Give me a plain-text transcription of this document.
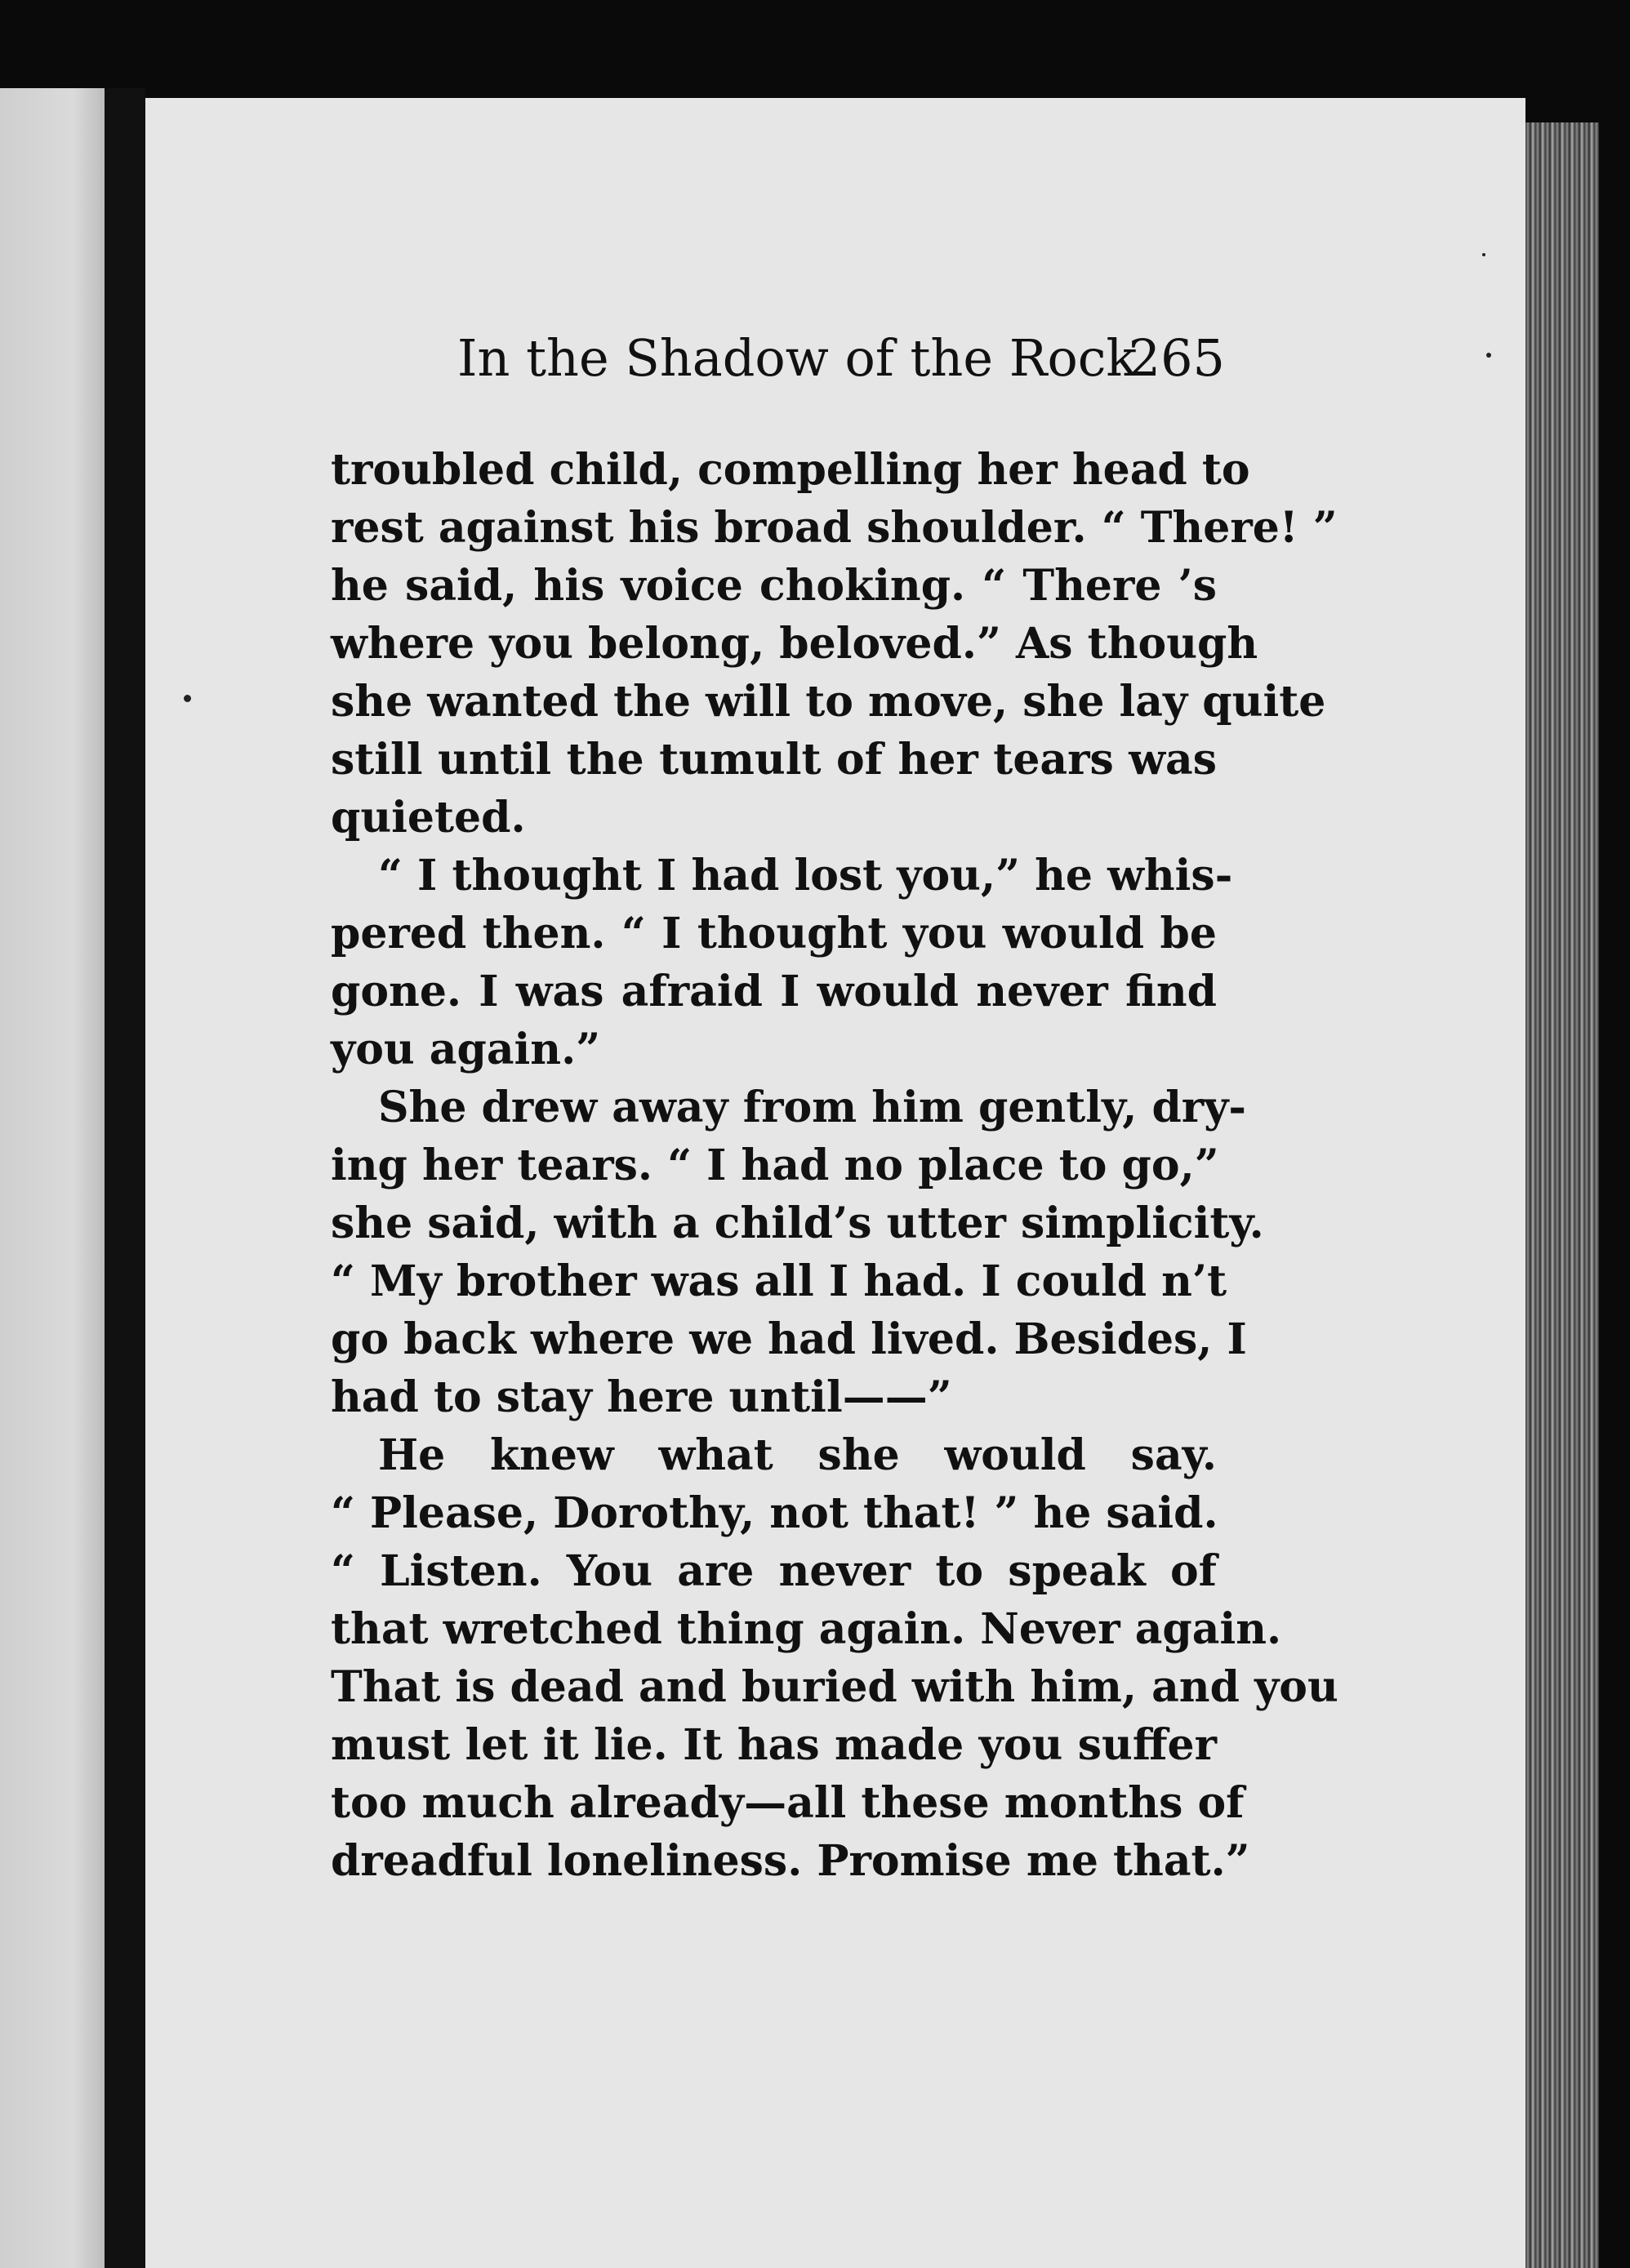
In the Shadow of the Rock
265
troubled child, compelling her head to
rest against his broad shoulder. “ There! ”
he said, his voice choking. “ There ’s
where you belong, beloved.” As though
she wanted the will to move, she lay quite
still until the tumult of her tears was
quieted.
“ I thought I had lost you,” he whis-
pered then. “ I thought you would be
gone. I was afraid I would never find
you again.”
She drew away from him gently, dry-
ing her tears. “ I had no place to go,”
she said, with a child’s utter simplicity.
“ My brother was all I had. I could n’t
go back where we had lived. Besides, I
had to stay here until——”
He knew what she would say.
“ Please, Dorothy, not that! ” he said.
“ Listen. You are never to speak of
that wretched thing again. Never again.
That is dead and buried with him, and you
must let it lie. It has made you suffer
too much already—all these months of
dreadful loneliness. Promise me that.”
